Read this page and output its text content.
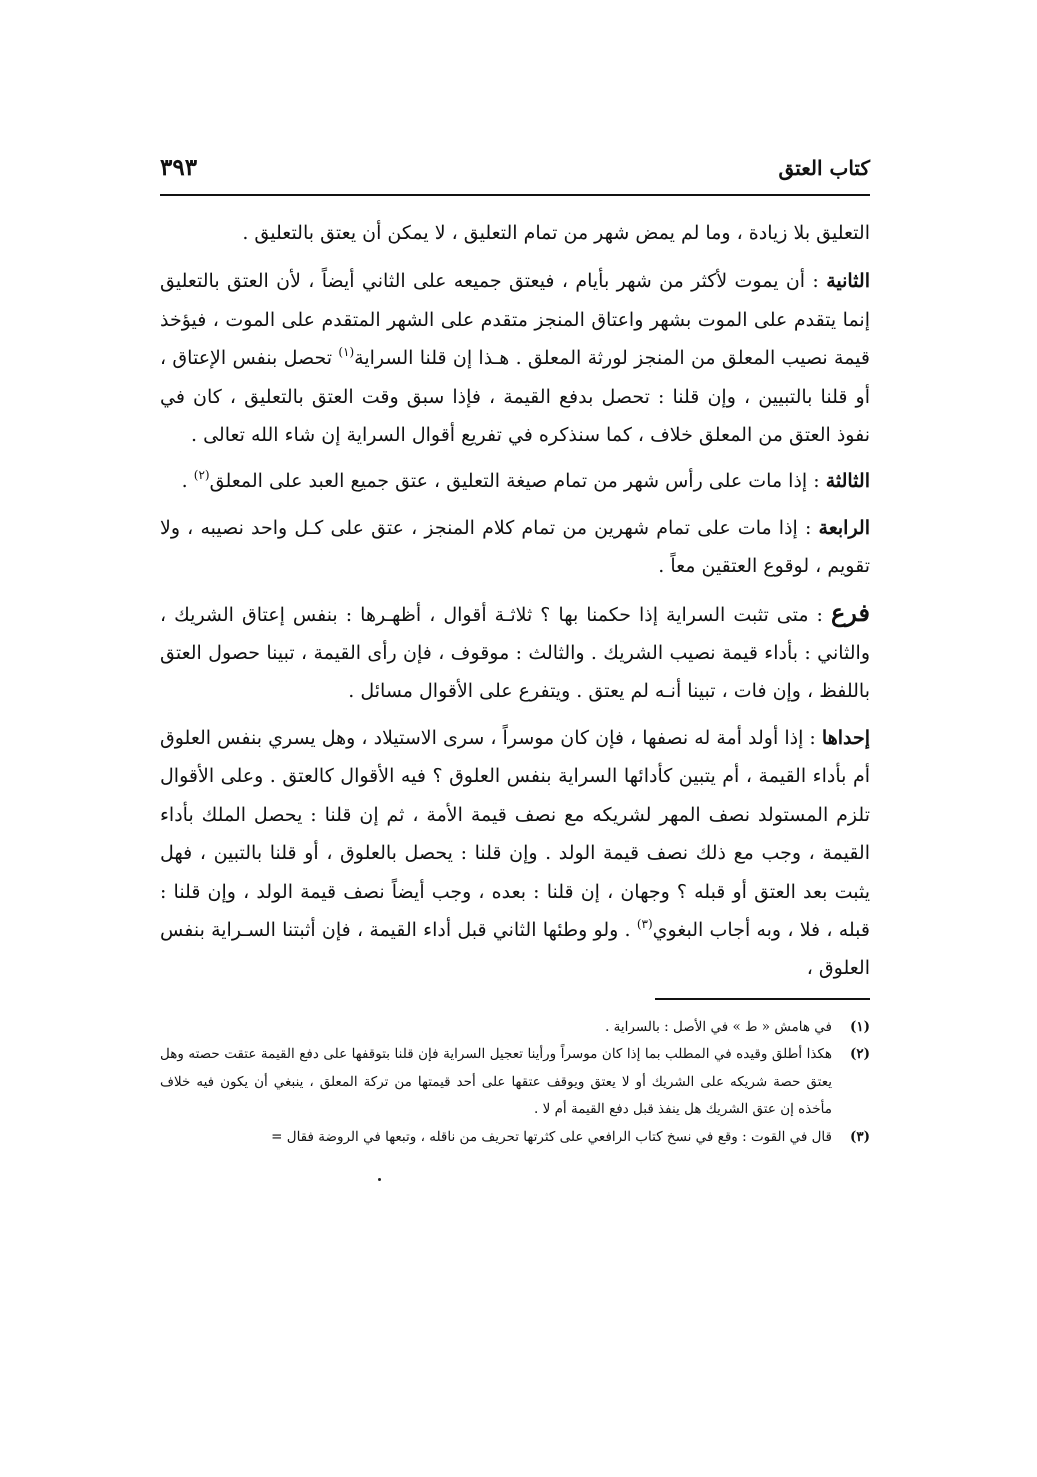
كتاب العتق
٣٩٣

التعليق بلا زيادة ، وما لم يمض شهر من تمام التعليق ، لا يمكن أن يعتق بالتعليق .

الثانية : أن يموت لأكثر من شهر بأيام ، فيعتق جميعه على الثاني أيضاً ، لأن العتق بالتعليق إنما يتقدم على الموت بشهر واعتاق المنجز متقدم على الشهر المتقدم على الموت ، فيؤخذ قيمة نصيب المعلق من المنجز لورثة المعلق . هـذا إن قلنا السراية$^{(١)}$ تحصل بنفس الإعتاق ، أو قلنا بالتبيين ، وإن قلنا : تحصل بدفع القيمة ، فإذا سبق وقت العتق بالتعليق ، كان في نفوذ العتق من المعلق خلاف ، كما سنذكره في تفريع أقوال السراية إن شاء الله تعالى .

الثالثة : إذا مات على رأس شهر من تمام صيغة التعليق ، عتق جميع العبد على المعلق$^{(٢)}$ .

الرابعة : إذا مات على تمام شهرين من تمام كلام المنجز ، عتق على كـل واحد نصيبه ، ولا تقويم ، لوقوع العتقين معاً .

فرع : متى تثبت السراية إذا حكمنا بها ؟ ثلاثـة أقوال ، أظهـرها : بنفس إعتاق الشريك ، والثاني : بأداء قيمة نصيب الشريك . والثالث : موقوف ، فإن رأى القيمة ، تبينا حصول العتق باللفظ ، وإن فات ، تبينا أنـه لم يعتق . ويتفرع على الأقوال مسائل .

إحداها : إذا أولد أمة له نصفها ، فإن كان موسراً ، سرى الاستيلاد ، وهل يسري بنفس العلوق أم بأداء القيمة ، أم يتبين كأدائها السراية بنفس العلوق ؟ فيه الأقوال كالعتق . وعلى الأقوال تلزم المستولد نصف المهر لشريكه مع نصف قيمة الأمة ، ثم إن قلنا : يحصل الملك بأداء القيمة ، وجب مع ذلك نصف قيمة الولد . وإن قلنا : يحصل بالعلوق ، أو قلنا بالتبين ، فهل يثبت بعد العتق أو قبله ؟ وجهان ، إن قلنا : بعده ، وجب أيضاً نصف قيمة الولد ، وإن قلنا : قبله ، فلا ، وبه أجاب البغوي$^{(٣)}$ . ولو وطئها الثاني قبل أداء القيمة ، فإن أثبتنا السـراية بنفس العلوق ،

(١)
في هامش « ط » في الأصل : بالسراية .
(٢)
هكذا أطلق وقيده في المطلب بما إذا كان موسراً ورأينا تعجيل السراية فإن قلنا بتوقفها على دفع القيمة عتقت حصته وهل يعتق حصة شريكه على الشريك أو لا يعتق ويوقف عتقها على أحد قيمتها من تركة المعلق ، ينبغي أن يكون فيه خلاف مأخذه إن عتق الشريك هل ينفذ قبل دفع القيمة أم لا .
(٣)
قال في القوت : وقع في نسخ كتاب الرافعي على كثرتها تحريف من ناقله ، وتبعها في الروضة فقال =
